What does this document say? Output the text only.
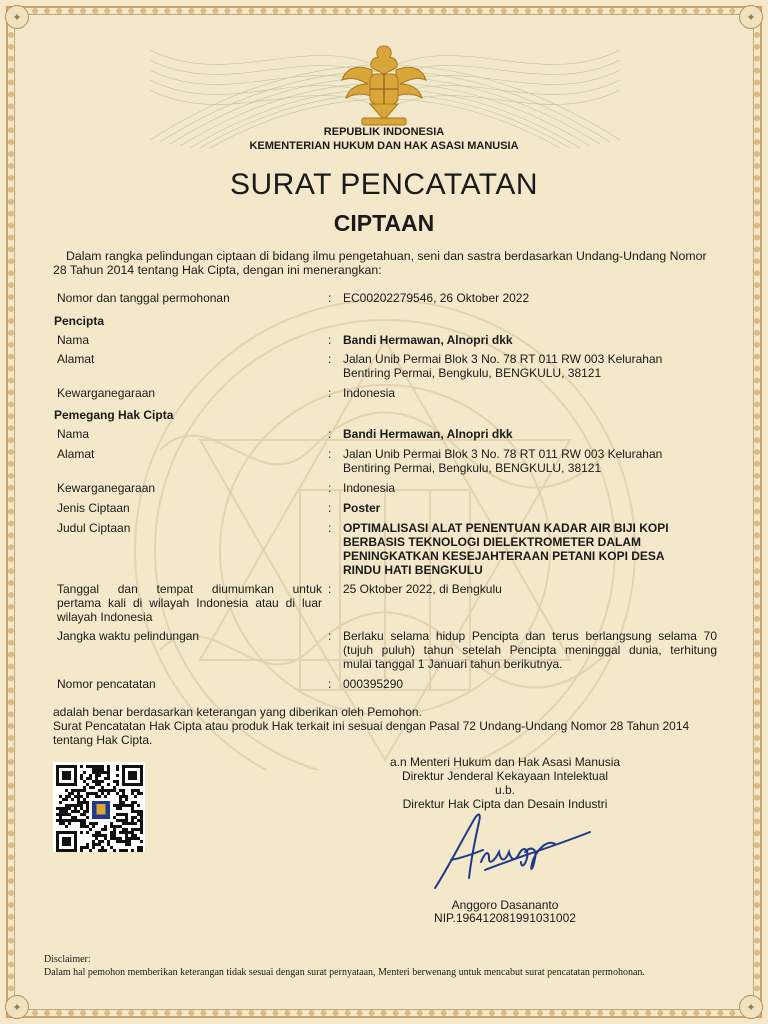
✦	✦
✦	✦
REPUBLIK INDONESIA
KEMENTERIAN HUKUM DAN HAK ASASI MANUSIA
SURAT PENCATATAN
CIPTAAN
Dalam rangka pelindungan ciptaan di bidang ilmu pengetahuan, seni dan sastra berdasarkan Undang-Undang Nomor 28 Tahun 2014 tentang Hak Cipta, dengan ini menerangkan:
Nomor dan tanggal permohonan	: EC00202279546, 26 Oktober 2022
Pencipta
Nama	: Bandi Hermawan, Alnopri dkk
Alamat	: Jalan Unib Permai Blok 3 No. 78 RT 011 RW 003 Kelurahan
Bentiring Permai, Bengkulu, BENGKULU, 38121
Kewarganegaraan	: Indonesia
Pemegang Hak Cipta
Nama	: Bandi Hermawan, Alnopri dkk
Alamat	: Jalan Unib Permai Blok 3 No. 78 RT 011 RW 003 Kelurahan
Bentiring Permai, Bengkulu, BENGKULU, 38121
Kewarganegaraan	: Indonesia
Jenis Ciptaan	: Poster
Judul Ciptaan	: OPTIMALISASI ALAT PENENTUAN KADAR AIR BIJI KOPI
BERBASIS TEKNOLOGI DIELEKTROMETER DALAM
PENINGKATKAN KESEJAHTERAAN PETANI KOPI DESA
RINDU HATI BENGKULU
Tanggal dan tempat diumumkan untuk
pertama kali di wilayah Indonesia atau di luar
wilayah Indonesia
: 25 Oktober 2022, di Bengkulu
Jangka waktu pelindungan	: Berlaku selama hidup Pencipta dan terus berlangsung selama 70
(tujuh puluh) tahun setelah Pencipta meninggal dunia, terhitung
mulai tanggal 1 Januari tahun berikutnya.
Nomor pencatatan	: 000395290
adalah benar berdasarkan keterangan yang diberikan oleh Pemohon.
Surat Pencatatan Hak Cipta atau produk Hak terkait ini sesuai dengan Pasal 72 Undang-Undang Nomor 28 Tahun 2014
tentang Hak Cipta.
a.n Menteri Hukum dan Hak Asasi Manusia
Direktur Jenderal Kekayaan Intelektual
u.b.
Direktur Hak Cipta dan Desain Industri
Anggoro Dasananto
NIP.196412081991031002
Disclaimer:
Dalam hal pemohon memberikan keterangan tidak sesuai dengan surat pernyataan, Menteri berwenang untuk mencabut surat pencatatan permohonan.
